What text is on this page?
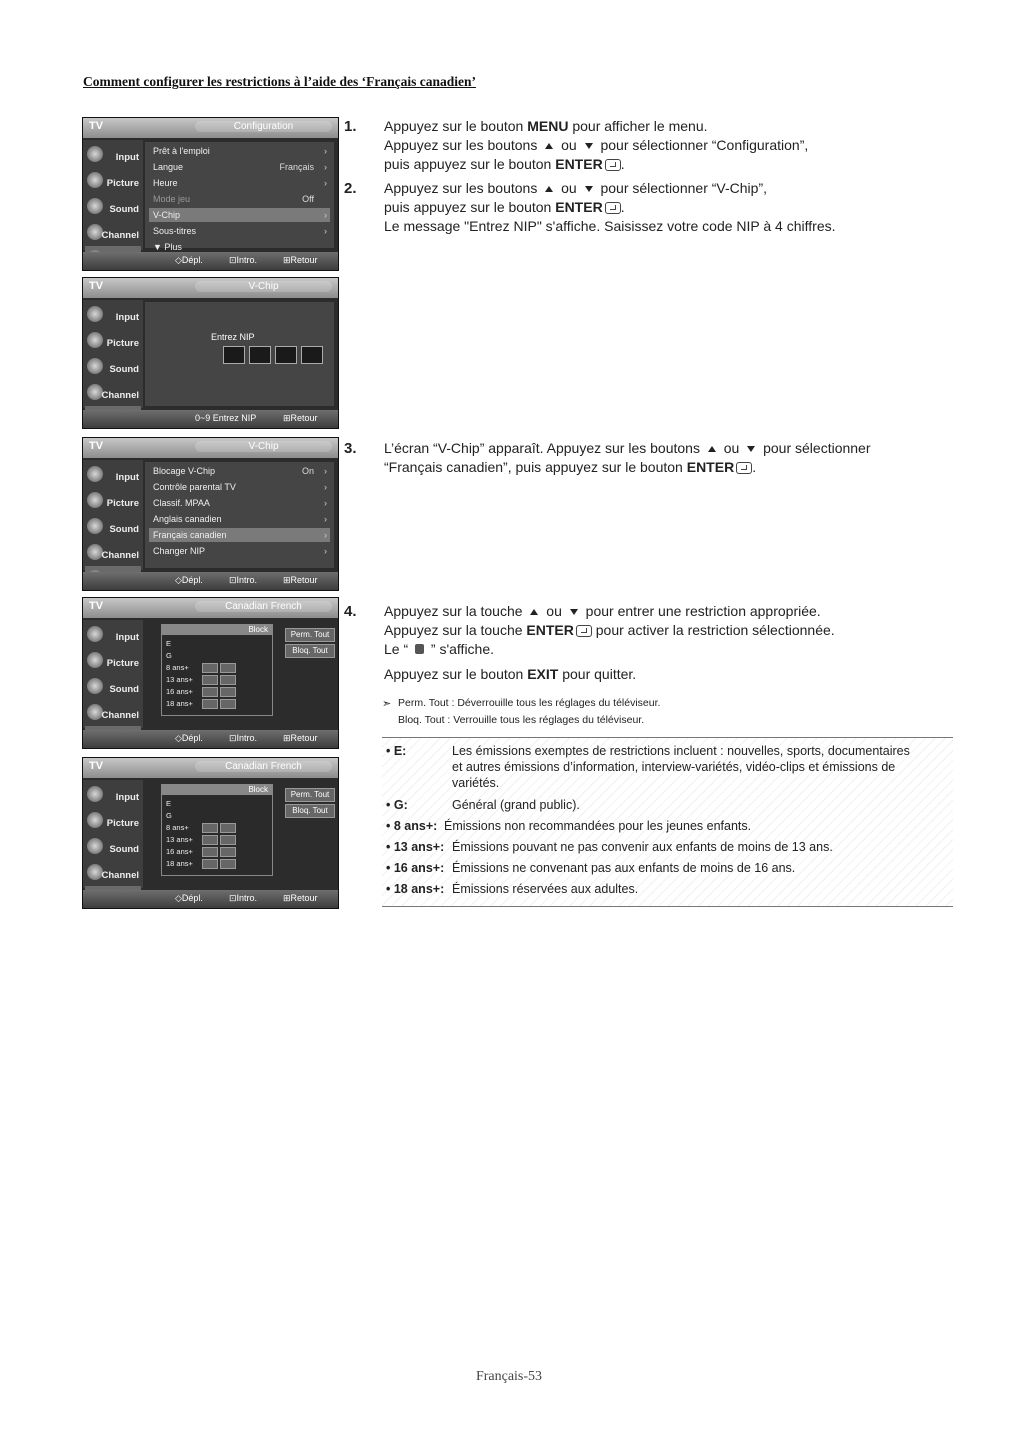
Comment configurer les restrictions à l’aide des ‘Français canadien’
TV	Configuration
Input
Picture
Sound
Channel
Prêt à l'emploi	›
Langue	Français ›
Heure	›
Mode jeu	Off
V-Chip	›
Sous-titres	›
▼ Plus
◇Dépl.	⊡Intro.	⊞Retour
TV	V-Chip
Input
Picture
Sound
Channel
Entrez NIP
0~9 Entrez NIP	⊞Retour
TV	V-Chip
Input
Picture
Sound
Channel
Blocage V-Chip	On ›
Contrôle parental TV	›
Classif. MPAA	›
Anglais canadien	›
Français canadien	›
Changer NIP	›
◇Dépl.	⊡Intro.	⊞Retour
TV	Canadian French
Input
Picture
Sound
Channel
Block
E
G
8 ans+
13 ans+
16 ans+
18 ans+
Perm. Tout
Bloq. Tout
◇Dépl.	⊡Intro.	⊞Retour
TV	Canadian French
Input
Picture
Sound
Channel
Block
E
G
8 ans+
13 ans+
16 ans+
18 ans+
Perm. Tout
Bloq. Tout
◇Dépl.	⊡Intro.	⊞Retour
1. Appuyez sur le bouton MENU pour afficher le menu.
Appuyez sur les boutons  ou  pour sélectionner “Configuration”,
puis appuyez sur le bouton ENTER .
2. Appuyez sur les boutons  ou  pour sélectionner “V-Chip”,
puis appuyez sur le bouton ENTER .
Le message "Entrez NIP" s'affiche. Saisissez votre code NIP à 4 chiffres.
3. L’écran “V-Chip” apparaît. Appuyez sur les boutons  ou  pour sélectionner
“Français canadien”, puis appuyez sur le bouton ENTER .
4. Appuyez sur la touche  ou  pour entrer une restriction appropriée.
Appuyez sur la touche ENTER pour activer la restriction sélectionnée.
Le “  ” s'affiche.
Appuyez sur le bouton EXIT pour quitter.
➣ Perm. Tout : Déverrouille tous les réglages du téléviseur.
Bloq. Tout : Verrouille tous les réglages du téléviseur.
• E:	Les émissions exemptes de restrictions incluent : nouvelles, sports, documentaires
et autres émissions d’information, interview-variétés, vidéo-clips et émissions de
variétés.
• G:	Général (grand public).
• 8 ans+: Émissions non recommandées pour les jeunes enfants.
• 13 ans+: Émissions pouvant ne pas convenir aux enfants de moins de 13 ans.
• 16 ans+: Émissions ne convenant pas aux enfants de moins de 16 ans.
• 18 ans+: Émissions réservées aux adultes.
Français-53
